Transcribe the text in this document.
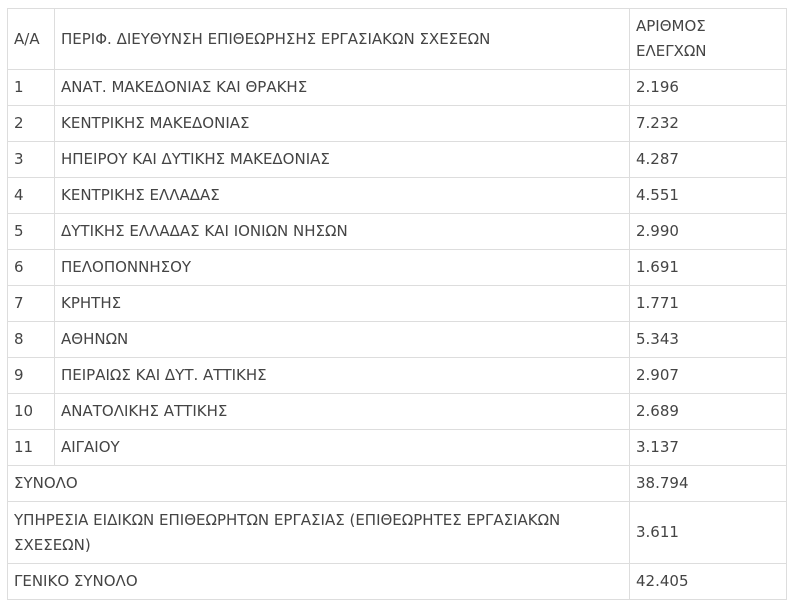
Α/Α	ΠΕΡΙΦ. ΔΙΕΥΘΥΝΣΗ ΕΠΙΘΕΩΡΗΣΗΣ ΕΡΓΑΣΙΑΚΩΝ ΣΧΕΣΕΩΝ	ΑΡΙΘΜΟΣ
ΕΛΕΓΧΩΝ
1	ΑΝΑΤ. ΜΑΚΕΔΟΝΙΑΣ ΚΑΙ ΘΡΑΚΗΣ	2.196
2	ΚΕΝΤΡΙΚΗΣ ΜΑΚΕΔΟΝΙΑΣ	7.232
3	ΗΠΕΙΡΟΥ ΚΑΙ ΔΥΤΙΚΗΣ ΜΑΚΕΔΟΝΙΑΣ	4.287
4	ΚΕΝΤΡΙΚΗΣ ΕΛΛΑΔΑΣ	4.551
5	ΔΥΤΙΚΗΣ ΕΛΛΑΔΑΣ ΚΑΙ ΙΟΝΙΩΝ ΝΗΣΩΝ	2.990
6	ΠΕΛΟΠΟΝΝΗΣΟΥ	1.691
7	ΚΡΗΤΗΣ	1.771
8	ΑΘΗΝΩΝ	5.343
9	ΠΕΙΡΑΙΩΣ ΚΑΙ ΔΥΤ. ΑΤΤΙΚΗΣ	2.907
10	ΑΝΑΤΟΛΙΚΗΣ ΑΤΤΙΚΗΣ	2.689
11	ΑΙΓΑΙΟΥ	3.137
ΣΥΝΟΛΟ		38.794
ΥΠΗΡΕΣΙΑ ΕΙΔΙΚΩΝ ΕΠΙΘΕΩΡΗΤΩΝ ΕΡΓΑΣΙΑΣ (ΕΠΙΘΕΩΡΗΤΕΣ ΕΡΓΑΣΙΑΚΩΝ
ΣΧΕΣΕΩΝ)		3.611
ΓΕΝΙΚΟ ΣΥΝΟΛΟ		42.405
